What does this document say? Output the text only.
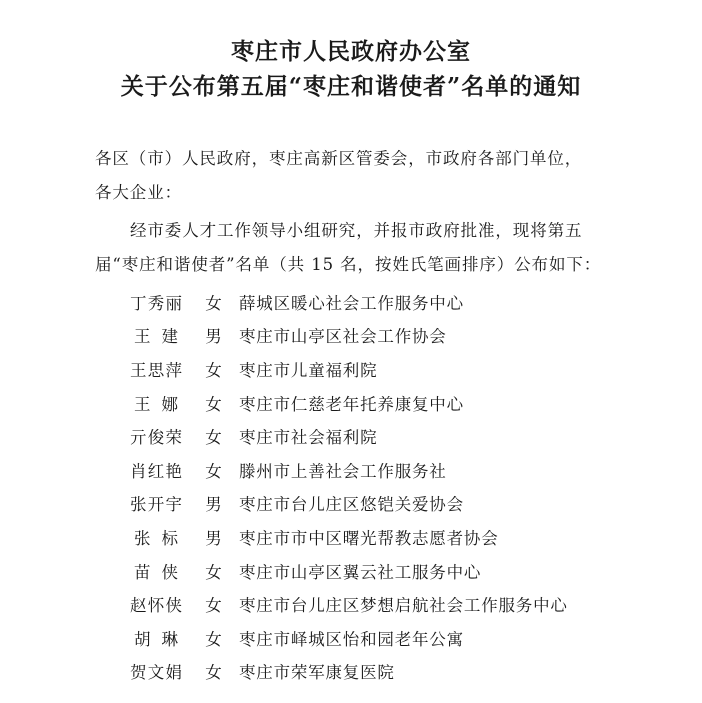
枣庄市人民政府办公室
关于公布第五届“枣庄和谐使者”名单的通知
各区（市）人民政府，枣庄高新区管委会，市政府各部门单位，
各大企业：
经市委人才工作领导小组研究，并报市政府批准，现将第五
届“枣庄和谐使者”名单（共 15 名，按姓氏笔画排序）公布如下：
丁秀丽 女 薛城区暖心社会工作服务中心
王 建 男 枣庄市山亭区社会工作协会
王思萍 女 枣庄市儿童福利院
王 娜 女 枣庄市仁慈老年托养康复中心
亓俊荣 女 枣庄市社会福利院
肖红艳 女 滕州市上善社会工作服务社
张开宇 男 枣庄市台儿庄区悠铠关爱协会
张 标 男 枣庄市市中区曙光帮教志愿者协会
苗 侠 女 枣庄市山亭区翼云社工服务中心
赵怀侠 女 枣庄市台儿庄区梦想启航社会工作服务中心
胡 琳 女 枣庄市峄城区怡和园老年公寓
贺文娟 女 枣庄市荣军康复医院
